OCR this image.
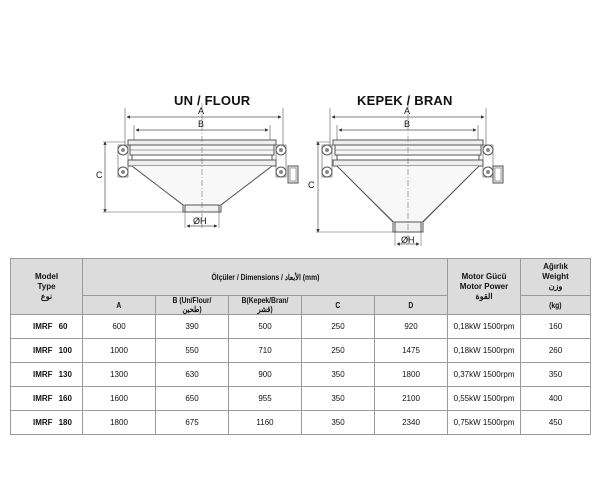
UN / FLOUR	KEPEK / BRAN
A
B
C
ØH
A
B
C
ØH
Model
Type
نوع	Ölçüler / Dimensions / الأبعاد (mm)					Motor Gücü
Motor Power
القوة	Ağırlık
Weight
وزن

	A	B (Un/Flour/طحين)	B(Kepek/Bran/قشر)	C	D		(kg)
IMRF 60	600	390	500	250	920	0,18kW 1500rpm	160
IMRF 100	1000	550	710	250	1475	0,18kW 1500rpm	260
IMRF 130	1300	630	900	350	1800	0,37kW 1500rpm	350
IMRF 160	1600	650	955	350	2100	0,55kW 1500rpm	400
IMRF 180	1800	675	1160	350	2340	0,75kW 1500rpm	450
